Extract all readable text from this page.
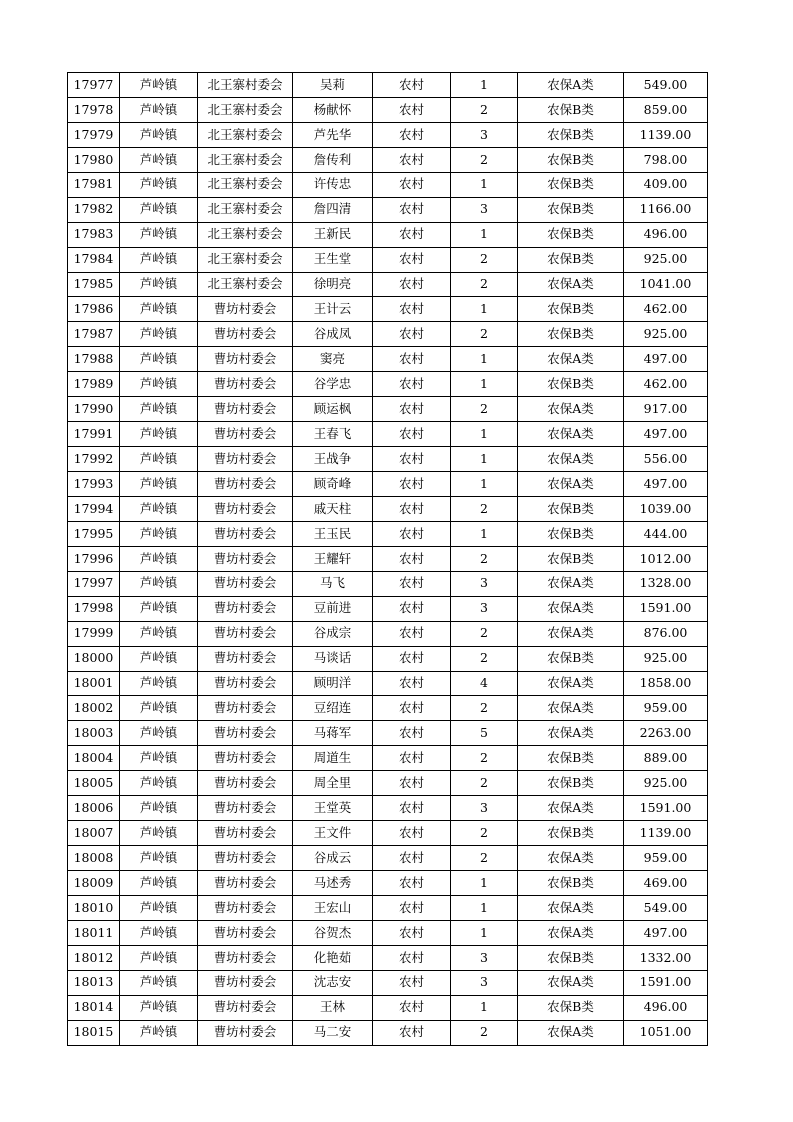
17977	芦岭镇	北王寨村委会	吴莉	农村	1	农保A类	549.00
17978	芦岭镇	北王寨村委会	杨献怀	农村	2	农保B类	859.00
17979	芦岭镇	北王寨村委会	芦先华	农村	3	农保B类	1139.00
17980	芦岭镇	北王寨村委会	詹传利	农村	2	农保B类	798.00
17981	芦岭镇	北王寨村委会	许传忠	农村	1	农保B类	409.00
17982	芦岭镇	北王寨村委会	詹四清	农村	3	农保B类	1166.00
17983	芦岭镇	北王寨村委会	王新民	农村	1	农保B类	496.00
17984	芦岭镇	北王寨村委会	王生堂	农村	2	农保B类	925.00
17985	芦岭镇	北王寨村委会	徐明亮	农村	2	农保A类	1041.00
17986	芦岭镇	曹坊村委会	王计云	农村	1	农保B类	462.00
17987	芦岭镇	曹坊村委会	谷成凤	农村	2	农保B类	925.00
17988	芦岭镇	曹坊村委会	窦亮	农村	1	农保A类	497.00
17989	芦岭镇	曹坊村委会	谷学忠	农村	1	农保B类	462.00
17990	芦岭镇	曹坊村委会	顾运枫	农村	2	农保A类	917.00
17991	芦岭镇	曹坊村委会	王春飞	农村	1	农保A类	497.00
17992	芦岭镇	曹坊村委会	王战争	农村	1	农保A类	556.00
17993	芦岭镇	曹坊村委会	顾奇峰	农村	1	农保A类	497.00
17994	芦岭镇	曹坊村委会	戚天柱	农村	2	农保B类	1039.00
17995	芦岭镇	曹坊村委会	王玉民	农村	1	农保B类	444.00
17996	芦岭镇	曹坊村委会	王耀轩	农村	2	农保B类	1012.00
17997	芦岭镇	曹坊村委会	马飞	农村	3	农保A类	1328.00
17998	芦岭镇	曹坊村委会	豆前进	农村	3	农保A类	1591.00
17999	芦岭镇	曹坊村委会	谷成宗	农村	2	农保A类	876.00
18000	芦岭镇	曹坊村委会	马谈话	农村	2	农保B类	925.00
18001	芦岭镇	曹坊村委会	顾明洋	农村	4	农保A类	1858.00
18002	芦岭镇	曹坊村委会	豆绍连	农村	2	农保A类	959.00
18003	芦岭镇	曹坊村委会	马蒋军	农村	5	农保A类	2263.00
18004	芦岭镇	曹坊村委会	周道生	农村	2	农保B类	889.00
18005	芦岭镇	曹坊村委会	周全里	农村	2	农保B类	925.00
18006	芦岭镇	曹坊村委会	王堂英	农村	3	农保A类	1591.00
18007	芦岭镇	曹坊村委会	王文件	农村	2	农保B类	1139.00
18008	芦岭镇	曹坊村委会	谷成云	农村	2	农保A类	959.00
18009	芦岭镇	曹坊村委会	马述秀	农村	1	农保B类	469.00
18010	芦岭镇	曹坊村委会	王宏山	农村	1	农保A类	549.00
18011	芦岭镇	曹坊村委会	谷贺杰	农村	1	农保A类	497.00
18012	芦岭镇	曹坊村委会	化艳茹	农村	3	农保B类	1332.00
18013	芦岭镇	曹坊村委会	沈志安	农村	3	农保A类	1591.00
18014	芦岭镇	曹坊村委会	王林	农村	1	农保B类	496.00
18015	芦岭镇	曹坊村委会	马二安	农村	2	农保A类	1051.00
